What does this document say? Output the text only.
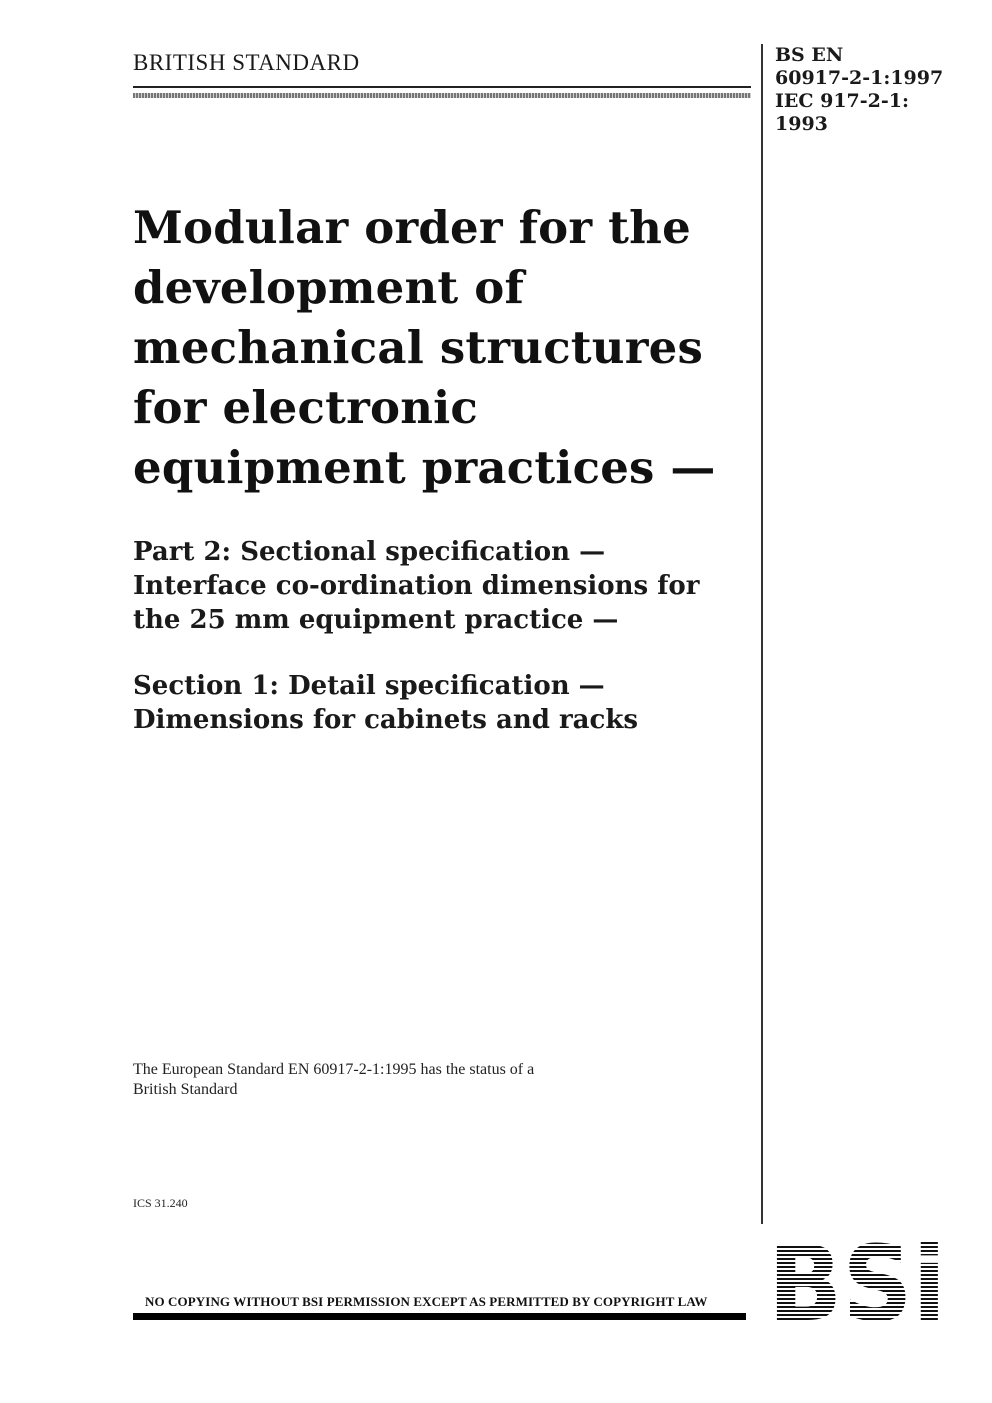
BRITISH STANDARD	BS EN
60917-2-1:1997
IEC 917-2-1:
1993
Modular order for the
development of
mechanical structures
for electronic
equipment practices —
Part 2: Sectional specification —
Interface co-ordination dimensions for
the 25 mm equipment practice —
Section 1: Detail specification —
Dimensions for cabinets and racks
The European Standard EN 60917-2-1:1995 has the status of a
British Standard
ICS 31.240
NO COPYING WITHOUT BSI PERMISSION EXCEPT AS PERMITTED BY COPYRIGHT LAW
